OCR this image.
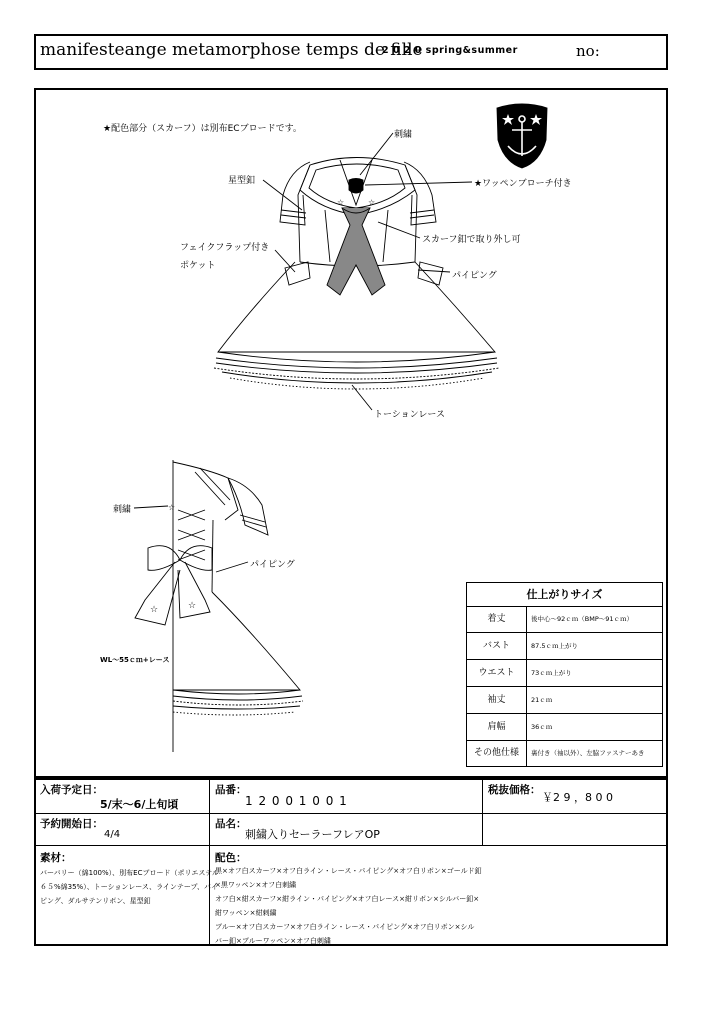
manifesteange metamorphose temps de fille
2 0 2 0 spring&summer	no:
☆	☆
☆	☆
☆
★配色部分（スカーフ）は別布ECブロードです。
刺繍
星型釦	★ワッペンブローチ付き
スカーフ釦で取り外し可
フェイクフラップ付き
ポケット
パイピング
トーションレース
刺繍
パイピング
WL〜55ｃｍ+レース
仕上がりサイズ
着丈	後中心〜92ｃｍ（BMP〜91ｃｍ）
バスト	87.5ｃｍ上がり
ウエスト	73ｃｍ上がり
袖丈	21ｃｍ
肩幅	36ｃｍ
その他仕様	裏付き（袖以外）、左脇ファスナーあき
入荷予定日：
5/末〜6/上旬頃
品番：
1 2 0 0 1 0 0 1
税抜価格：
￥2 9 ，8 0 0
予約開始日：
4/4
品名：
刺繍入りセーラーフレアOP
素材：
バーバリー（綿100%）、別布ECブロード（ポリエステル
６５%綿35%）、トーションレース、ラインテープ、バイ
ピング、ダルサテンリボン、星型釦
配色：
黒×オフ白スカーフ×オフ白ライン・レース・パイピング×オフ白リボン×ゴールド釦
×黒ワッペン×オフ白刺繍
オフ白×紺スカーフ×紺ライン・パイピング×オフ白レース×紺リボン×シルバー釦×
紺ワッペン×紺刺繍
ブルー×オフ白スカーフ×オフ白ライン・レース・パイピング×オフ白リボン×シル
バー釦×ブルーワッペン×オフ白刺繍
